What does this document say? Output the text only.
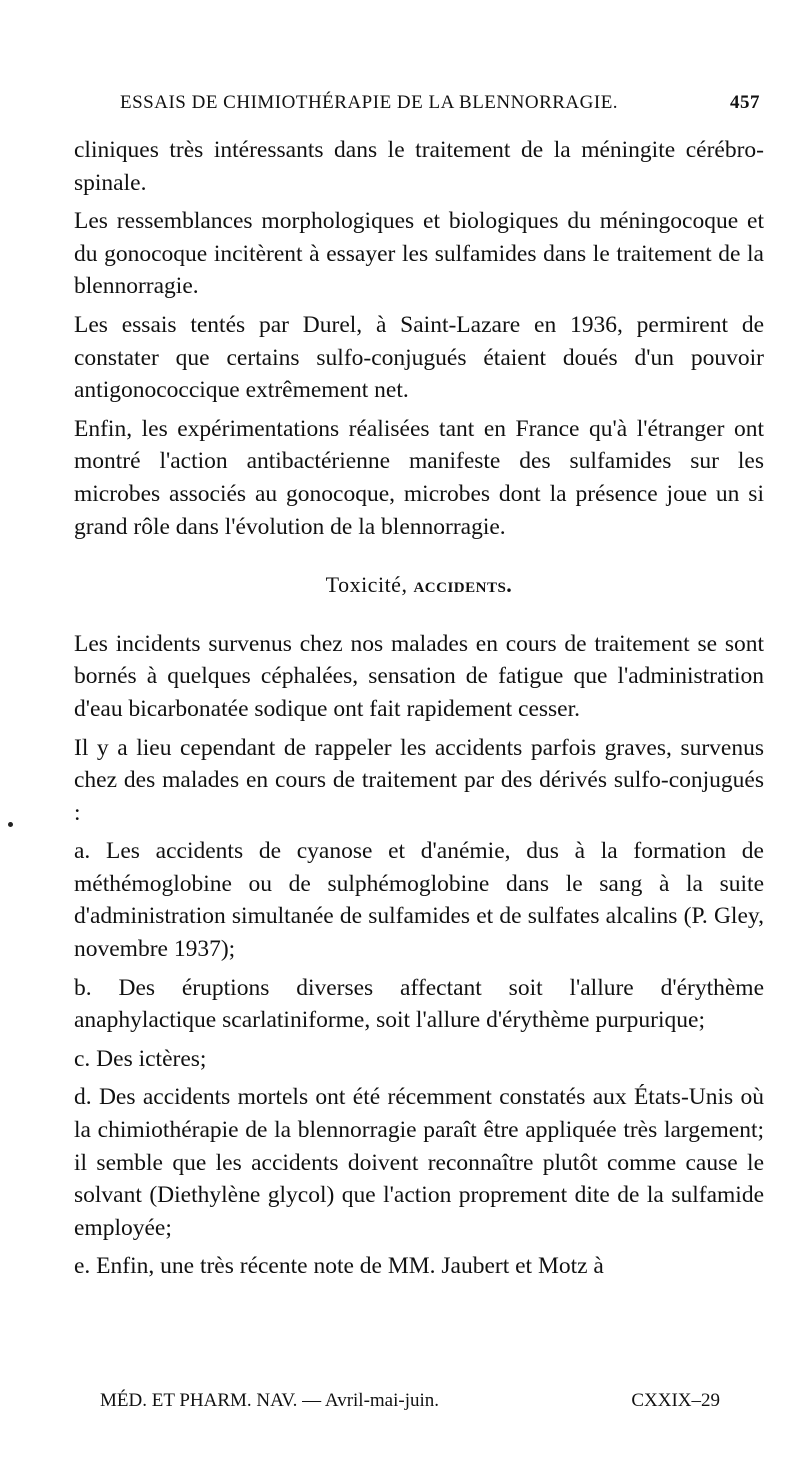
ESSAIS DE CHIMIOTHÉRAPIE DE LA BLENNORRAGIE.	457

cliniques très intéressants dans le traitement de la méningite cérébro-spinale.

Les ressemblances morphologiques et biologiques du méningocoque et du gonocoque incitèrent à essayer les sulfamides dans le traitement de la blennorragie.

Les essais tentés par Durel, à Saint-Lazare en 1936, permirent de constater que certains sulfo-conjugués étaient doués d'un pouvoir antigonococcique extrêmement net.

Enfin, les expérimentations réalisées tant en France qu'à l'étranger ont montré l'action antibactérienne manifeste des sulfamides sur les microbes associés au gonocoque, microbes dont la présence joue un si grand rôle dans l'évolution de la blennorragie.

Toxicité, accidents.

Les incidents survenus chez nos malades en cours de traitement se sont bornés à quelques céphalées, sensation de fatigue que l'administration d'eau bicarbonatée sodique ont fait rapidement cesser.

Il y a lieu cependant de rappeler les accidents parfois graves, survenus chez des malades en cours de traitement par des dérivés sulfo-conjugués :

a. Les accidents de cyanose et d'anémie, dus à la formation de méthémoglobine ou de sulphémoglobine dans le sang à la suite d'administration simultanée de sulfamides et de sulfates alcalins (P. Gley, novembre 1937);

b. Des éruptions diverses affectant soit l'allure d'érythème anaphylactique scarlatiniforme, soit l'allure d'érythème purpurique;

c. Des ictères;

d. Des accidents mortels ont été récemment constatés aux États-Unis où la chimiothérapie de la blennorragie paraît être appliquée très largement; il semble que les accidents doivent reconnaître plutôt comme cause le solvant (Diethylène glycol) que l'action proprement dite de la sulfamide employée;

e. Enfin, une très récente note de MM. Jaubert et Motz à

MÉD. ET PHARM. NAV. — Avril-mai-juin.	CXXIX–29
